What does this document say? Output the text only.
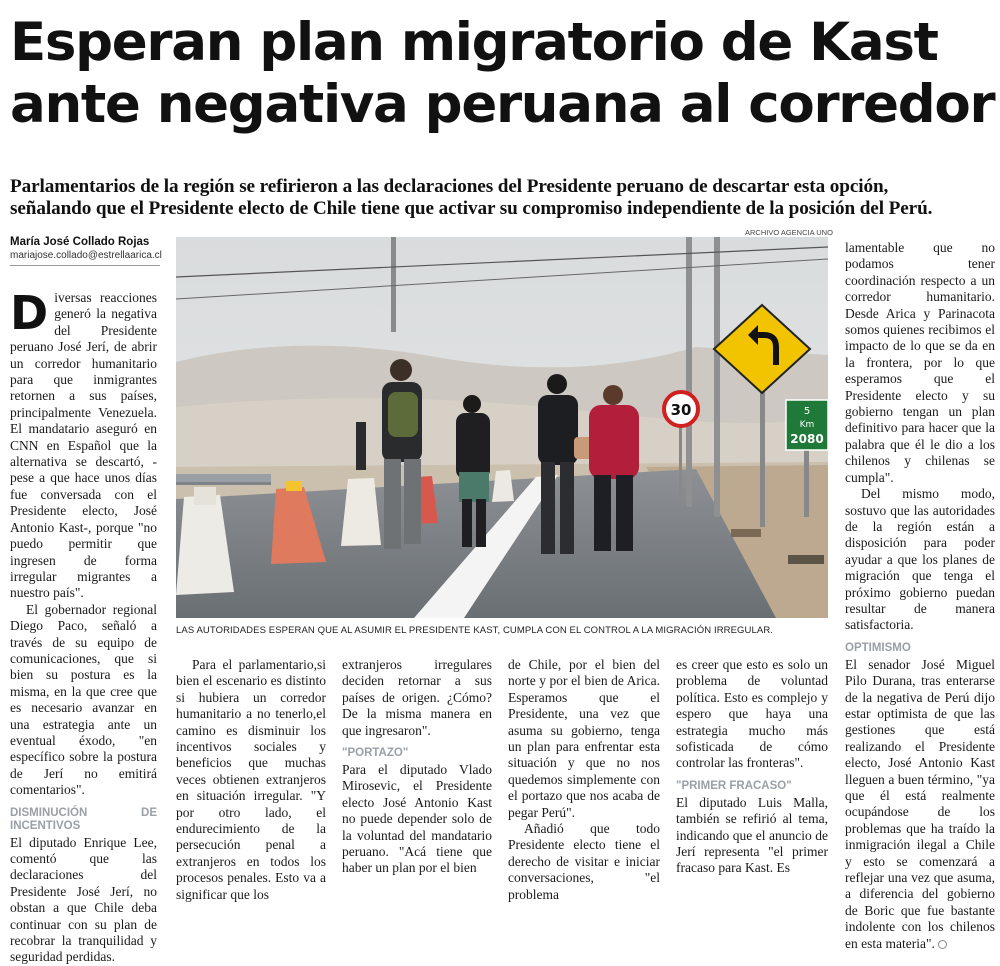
Esperan plan migratorio de Kast
ante negativa peruana al corredor
Parlamentarios de la región se refirieron a las declaraciones del Presidente peruano de descartar esta opción,
señalando que el Presidente electo de Chile tiene que activar su compromiso independiente de la posición del Perú.
María José Collado Rojas
mariajose.collado@estrellaarica.cl
ARCHIVO AGENCIA UNO
30	5
Km
2080
LAS AUTORIDADES ESPERAN QUE AL ASUMIR EL PRESIDENTE KAST, CUMPLA CON EL CONTROL A LA MIGRACIÓN IRREGULAR.

Diversas reacciones generó la negativa del Presidente peruano José Jerí, de abrir un corredor humanitario para que inmigrantes retornen a sus países, principalmente Venezuela. El mandatario aseguró en CNN en Español que la alternativa se descartó, -pese a que hace unos días fue conversada con el Presidente electo, José Antonio Kast-, porque "no puedo permitir que ingresen de forma irregular migrantes a nuestro país".

El gobernador regional Diego Paco, señaló a través de su equipo de comunicaciones, que si bien su postura es la misma, en la que cree que es necesario avanzar en una estrategia ante un eventual éxodo, "en específico sobre la postura de Jerí no emitirá comentarios".

DISMINUCIÓN DE INCENTIVOS

El diputado Enrique Lee, comentó que las declaraciones del Presidente José Jerí, no obstan a que Chile deba continuar con su plan de recobrar la tranquilidad y seguridad perdidas.

Para el parlamentario,si bien el escenario es distinto si hubiera un corredor humanitario a no tenerlo,el camino es disminuir los incentivos sociales y beneficios que muchas veces obtienen extranjeros en situación irregular. "Y por otro lado, el endurecimiento de la persecución penal a extranjeros en todos los procesos penales. Esto va a significar que los

extranjeros irregulares deciden retornar a sus países de origen. ¿Cómo? De la misma manera en que ingresaron".

"PORTAZO"

Para el diputado Vlado Mirosevic, el Presidente electo José Antonio Kast no puede depender solo de la voluntad del mandatario peruano. "Acá tiene que haber un plan por el bien

de Chile, por el bien del norte y por el bien de Arica. Esperamos que el Presidente, una vez que asuma su gobierno, tenga un plan para enfrentar esta situación y que no nos quedemos simplemente con el portazo que nos acaba de pegar Perú".

Añadió que todo Presidente electo tiene el derecho de visitar e iniciar conversaciones, "el problema

es creer que esto es solo un problema de voluntad política. Esto es complejo y espero que haya una estrategia mucho más sofisticada de cómo controlar las fronteras".

"PRIMER FRACASO"

El diputado Luis Malla, también se refirió al tema, indicando que el anuncio de Jerí representa "el primer fracaso para Kast. Es

lamentable que no podamos tener coordinación respecto a un corredor humanitario. Desde Arica y Parinacota somos quienes recibimos el impacto de lo que se da en la frontera, por lo que esperamos que el Presidente electo y su gobierno tengan un plan definitivo para hacer que la palabra que él le dio a los chilenos y chilenas se cumpla".

Del mismo modo, sostuvo que las autoridades de la región están a disposición para poder ayudar a que los planes de migración que tenga el próximo gobierno puedan resultar de manera satisfactoria.

OPTIMISMO

El senador José Miguel Pilo Durana, tras enterarse de la negativa de Perú dijo estar optimista de que las gestiones que está realizando el Presidente electo, José Antonio Kast lleguen a buen término, "ya que él está realmente ocupándose de los problemas que ha traído la inmigración ilegal a Chile y esto se comenzará a reflejar una vez que asuma, a diferencia del gobierno de Boric que fue bastante indolente con los chilenos en esta materia".
